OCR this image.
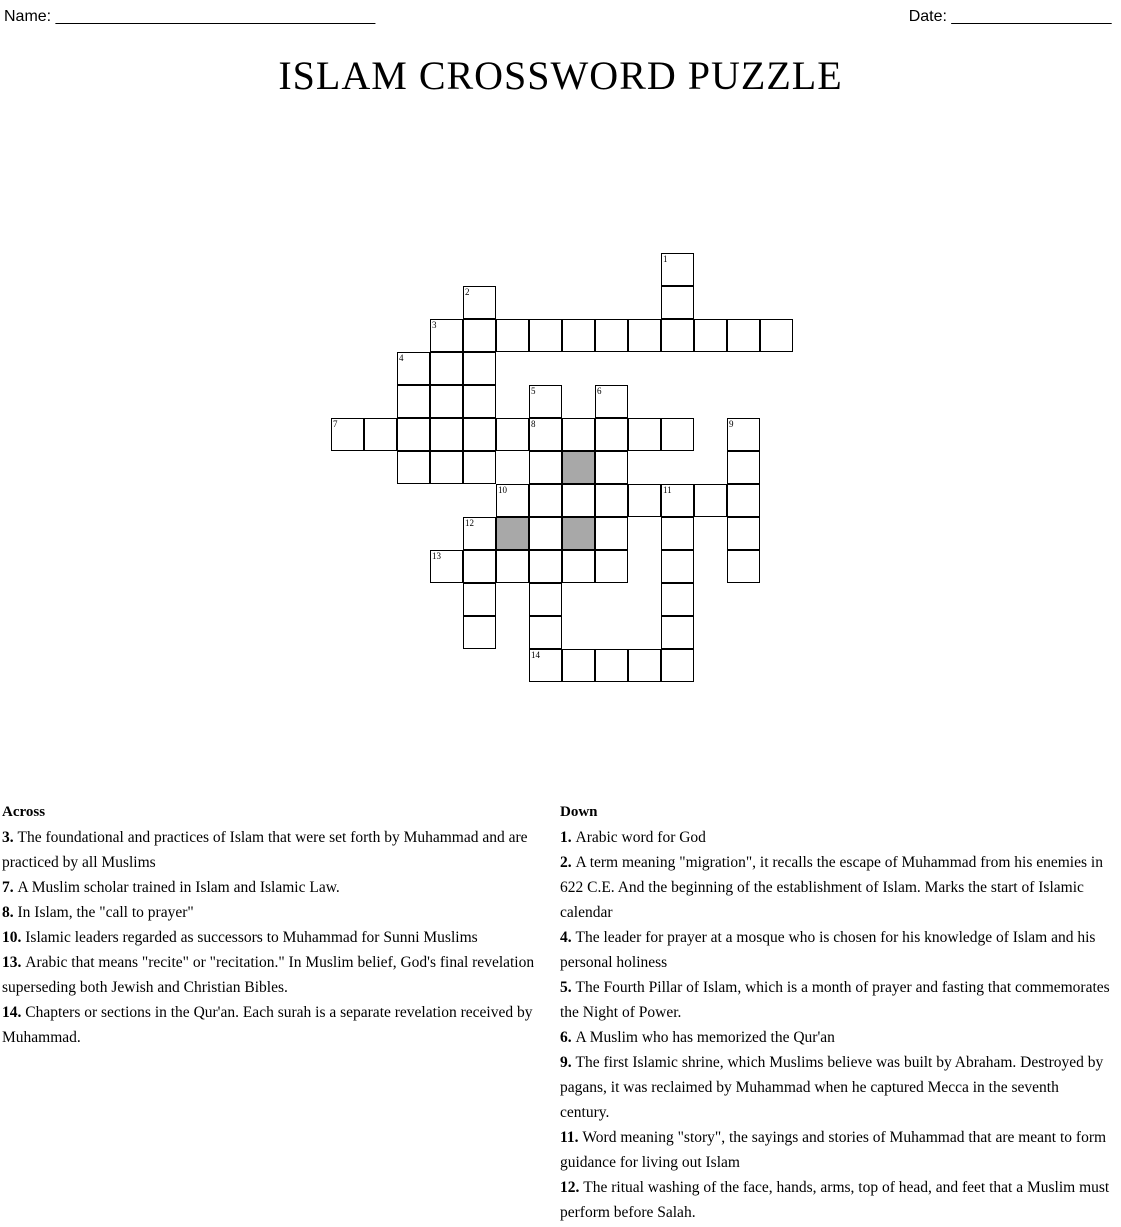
Name: ______________________________________	Date: ___________________
ISLAM CROSSWORD PUZZLE
1
2
3
4
5	6
7	8	9
10	11
12
13
14
Across
3. The foundational and practices of Islam that were set forth by Muhammad and are practiced by all Muslims
7. A Muslim scholar trained in Islam and Islamic Law.
8. In Islam, the "call to prayer"
10. Islamic leaders regarded as successors to Muhammad for Sunni Muslims
13. Arabic that means "recite" or "recitation." In Muslim belief, God's final revelation superseding both Jewish and Christian Bibles.
14. Chapters or sections in the Qur'an. Each surah is a separate revelation received by Muhammad.
Down
1. Arabic word for God
2. A term meaning "migration", it recalls the escape of Muhammad from his enemies in 622 C.E. And the beginning of the establishment of Islam. Marks the start of Islamic calendar
4. The leader for prayer at a mosque who is chosen for his knowledge of Islam and his personal holiness
5. The Fourth Pillar of Islam, which is a month of prayer and fasting that commemorates the Night of Power.
6. A Muslim who has memorized the Qur'an
9. The first Islamic shrine, which Muslims believe was built by Abraham. Destroyed by pagans, it was reclaimed by Muhammad when he captured Mecca in the seventh century.
11. Word meaning "story", the sayings and stories of Muhammad that are meant to form guidance for living out Islam
12. The ritual washing of the face, hands, arms, top of head, and feet that a Muslim must perform before Salah.
